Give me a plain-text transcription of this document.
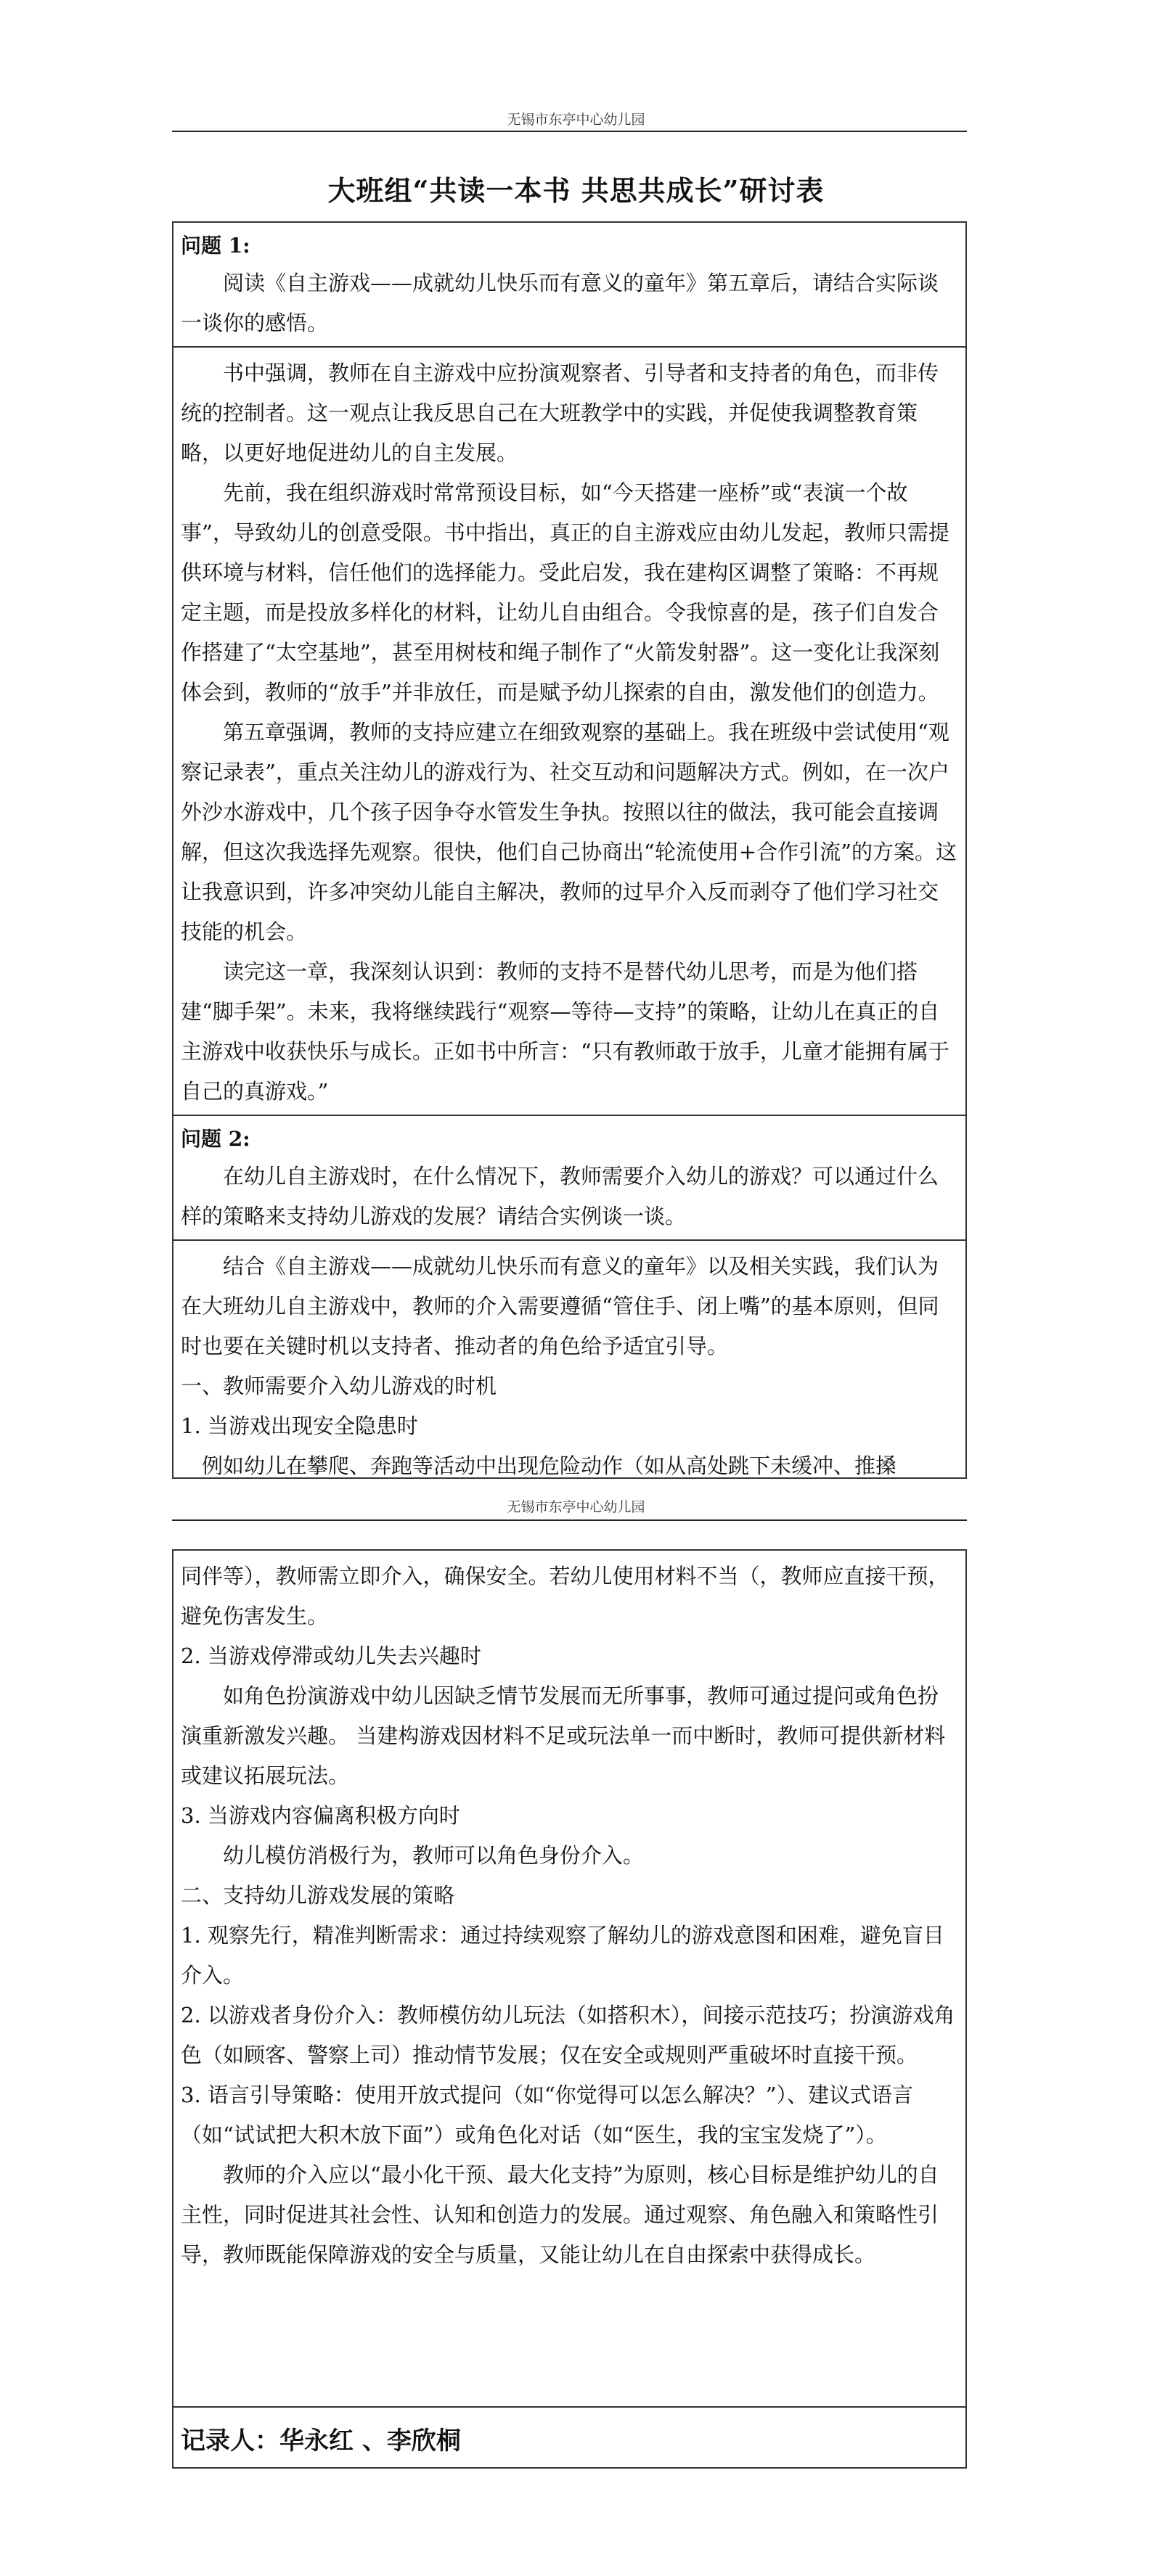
无锡市东亭中心幼儿园
大班组“共读一本书 共思共成长”研讨表

问题 1:

阅读《自主游戏——成就幼儿快乐而有意义的童年》第五章后，请结合实际谈一谈你的感悟。

书中强调，教师在自主游戏中应扮演观察者、引导者和支持者的角色，而非传统的控制者。这一观点让我反思自己在大班教学中的实践，并促使我调整教育策略，以更好地促进幼儿的自主发展。

先前，我在组织游戏时常常预设目标，如“今天搭建一座桥”或“表演一个故事”，导致幼儿的创意受限。书中指出，真正的自主游戏应由幼儿发起，教师只需提供环境与材料，信任他们的选择能力。受此启发，我在建构区调整了策略：不再规定主题，而是投放多样化的材料，让幼儿自由组合。令我惊喜的是，孩子们自发合作搭建了“太空基地”，甚至用树枝和绳子制作了“火箭发射器”。这一变化让我深刻体会到，教师的“放手”并非放任，而是赋予幼儿探索的自由，激发他们的创造力。

第五章强调，教师的支持应建立在细致观察的基础上。我在班级中尝试使用“观察记录表”，重点关注幼儿的游戏行为、社交互动和问题解决方式。例如，在一次户外沙水游戏中，几个孩子因争夺水管发生争执。按照以往的做法，我可能会直接调解，但这次我选择先观察。很快，他们自己协商出“轮流使用+合作引流”的方案。这让我意识到，许多冲突幼儿能自主解决，教师的过早介入反而剥夺了他们学习社交技能的机会。

读完这一章，我深刻认识到：教师的支持不是替代幼儿思考，而是为他们搭建“脚手架”。未来，我将继续践行“观察—等待—支持”的策略，让幼儿在真正的自主游戏中收获快乐与成长。正如书中所言：“只有教师敢于放手，儿童才能拥有属于自己的真游戏。”

问题 2:

在幼儿自主游戏时，在什么情况下，教师需要介入幼儿的游戏？可以通过什么样的策略来支持幼儿游戏的发展？请结合实例谈一谈。

结合《自主游戏——成就幼儿快乐而有意义的童年》以及相关实践，我们认为在大班幼儿自主游戏中，教师的介入需要遵循“管住手、闭上嘴”的基本原则，但同时也要在关键时机以支持者、推动者的角色给予适宜引导。

一、教师需要介入幼儿游戏的时机

1. 当游戏出现安全隐患时

例如幼儿在攀爬、奔跑等活动中出现危险动作（如从高处跳下未缓冲、推搡

无锡市东亭中心幼儿园

同伴等），教师需立即介入，确保安全。若幼儿使用材料不当（，教师应直接干预，避免伤害发生。

2. 当游戏停滞或幼儿失去兴趣时

如角色扮演游戏中幼儿因缺乏情节发展而无所事事，教师可通过提问或角色扮演重新激发兴趣。 当建构游戏因材料不足或玩法单一而中断时，教师可提供新材料或建议拓展玩法。

3. 当游戏内容偏离积极方向时

幼儿模仿消极行为，教师可以角色身份介入。

二、支持幼儿游戏发展的策略

1. 观察先行，精准判断需求：通过持续观察了解幼儿的游戏意图和困难，避免盲目介入。

2. 以游戏者身份介入：教师模仿幼儿玩法（如搭积木），间接示范技巧；扮演游戏角色（如顾客、警察上司）推动情节发展；仅在安全或规则严重破坏时直接干预。

3. 语言引导策略：使用开放式提问（如“你觉得可以怎么解决？”）、建议式语言（如“试试把大积木放下面”）或角色化对话（如“医生，我的宝宝发烧了”）。

教师的介入应以“最小化干预、最大化支持”为原则，核心目标是维护幼儿的自主性，同时促进其社会性、认知和创造力的发展。通过观察、角色融入和策略性引导，教师既能保障游戏的安全与质量，又能让幼儿在自由探索中获得成长。

记录人：华永红 、李欣桐
